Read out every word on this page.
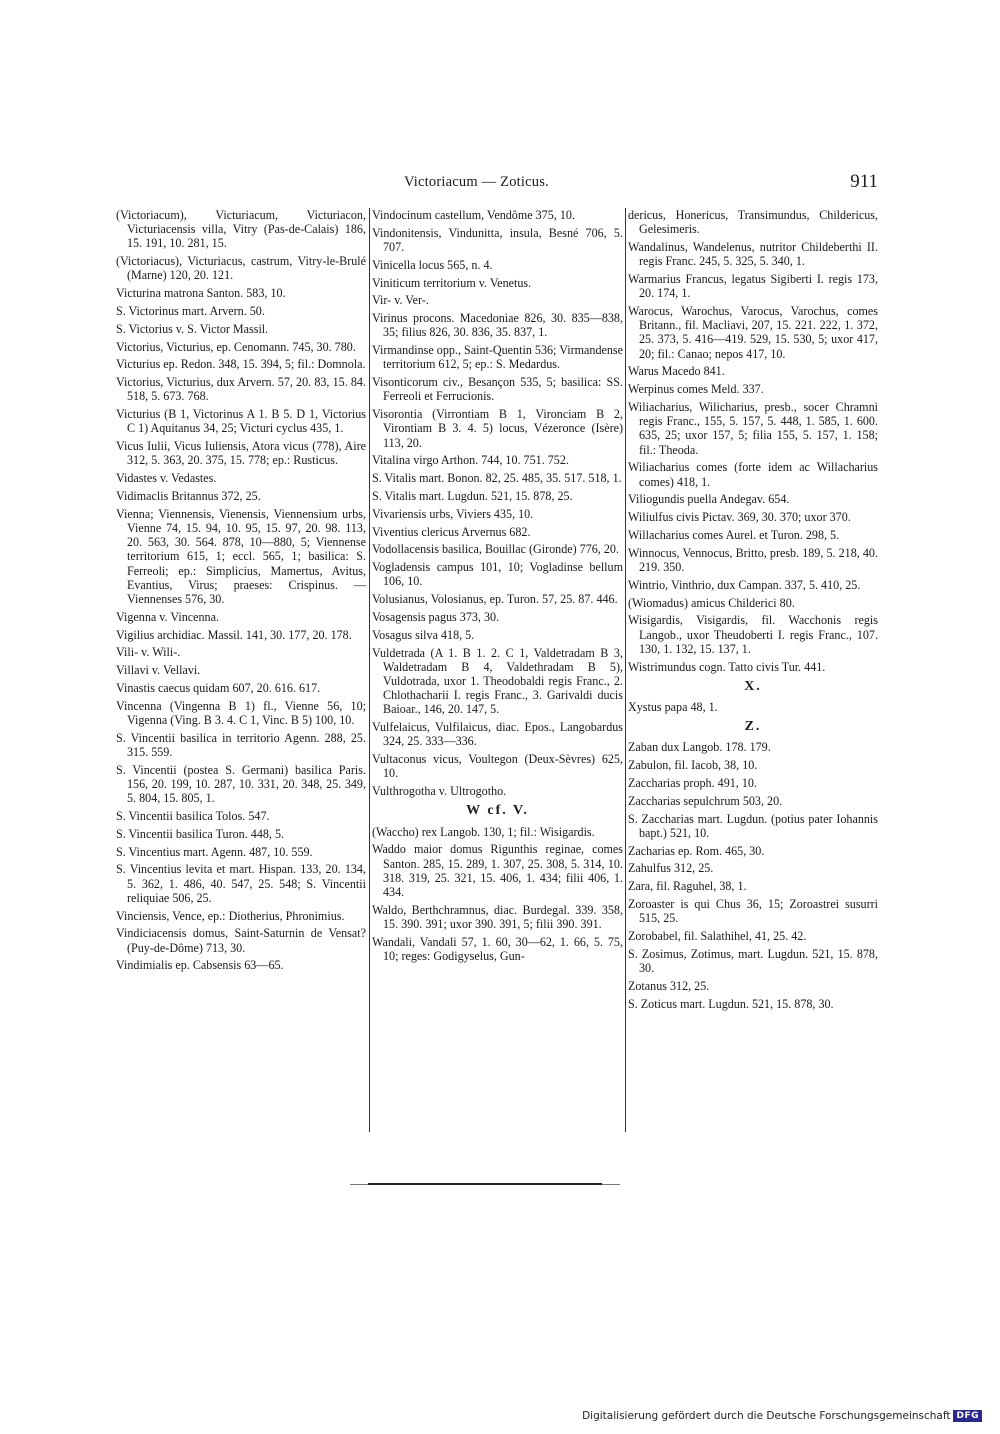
Victoriacum — Zoticus.	911

(Victoriacum), Victuriacum, Victuriacon, Victuriacensis villa, Vitry (Pas-de-Calais) 186, 15. 191, 10. 281, 15.

(Victoriacus), Victuriacus, castrum, Vitry-le-Brulé (Marne) 120, 20. 121.

Victurina matrona Santon. 583, 10.

S. Victorinus mart. Arvern. 50.

S. Victorius v. S. Victor Massil.

Victorius, Victurius, ep. Cenomann. 745, 30. 780.

Victurius ep. Redon. 348, 15. 394, 5; fil.: Domnola.

Victorius, Victurius, dux Arvern. 57, 20. 83, 15. 84. 518, 5. 673. 768.

Victurius (B 1, Victorinus A 1. B 5. D 1, Victorius C 1) Aquitanus 34, 25; Victuri cyclus 435, 1.

Vicus Iulii, Vicus Iuliensis, Atora vicus (778), Aire 312, 5. 363, 20. 375, 15. 778; ep.: Rusticus.

Vidastes v. Vedastes.

Vidimaclis Britannus 372, 25.

Vienna; Viennensis, Vienensis, Viennensium urbs, Vienne 74, 15. 94, 10. 95, 15. 97, 20. 98. 113, 20. 563, 30. 564. 878, 10—880, 5; Viennense territorium 615, 1; eccl. 565, 1; basilica: S. Ferreoli; ep.: Simplicius, Mamertus, Avitus, Evantius, Virus; praeses: Crispinus. — Viennenses 576, 30.

Vigenna v. Vincenna.

Vigilius archidiac. Massil. 141, 30. 177, 20. 178.

Vili- v. Wili-.

Villavi v. Vellavi.

Vinastis caecus quidam 607, 20. 616. 617.

Vincenna (Vingenna B 1) fl., Vienne 56, 10; Vigenna (Ving. B 3. 4. C 1, Vinc. B 5) 100, 10.

S. Vincentii basilica in territorio Agenn. 288, 25. 315. 559.

S. Vincentii (postea S. Germani) basilica Paris. 156, 20. 199, 10. 287, 10. 331, 20. 348, 25. 349, 5. 804, 15. 805, 1.

S. Vincentii basilica Tolos. 547.

S. Vincentii basilica Turon. 448, 5.

S. Vincentius mart. Agenn. 487, 10. 559.

S. Vincentius levita et mart. Hispan. 133, 20. 134, 5. 362, 1. 486, 40. 547, 25. 548; S. Vincentii reliquiae 506, 25.

Vinciensis, Vence, ep.: Diotherius, Phronimius.

Vindiciacensis domus, Saint-Saturnin de Vensat? (Puy-de-Dôme) 713, 30.

Vindimialis ep. Cabsensis 63—65.

Vindocinum castellum, Vendôme 375, 10.

Vindonitensis, Vindunitta, insula, Besné 706, 5. 707.

Vinicella locus 565, n. 4.

Viniticum territorium v. Venetus.

Vir- v. Ver-.

Virinus procons. Macedoniae 826, 30. 835—838, 35; filius 826, 30. 836, 35. 837, 1.

Virmandinse opp., Saint-Quentin 536; Virmandense territorium 612, 5; ep.: S. Medardus.

Visonticorum civ., Besançon 535, 5; basilica: SS. Ferreoli et Ferrucionis.

Visorontia (Virrontiam B 1, Vironciam B 2, Virontiam B 3. 4. 5) locus, Vézeronce (Isère) 113, 20.

Vitalina virgo Arthon. 744, 10. 751. 752.

S. Vitalis mart. Bonon. 82, 25. 485, 35. 517. 518, 1.

S. Vitalis mart. Lugdun. 521, 15. 878, 25.

Vivariensis urbs, Viviers 435, 10.

Viventius clericus Arvernus 682.

Vodollacensis basilica, Bouillac (Gironde) 776, 20.

Vogladensis campus 101, 10; Vogladinse bellum 106, 10.

Volusianus, Volosianus, ep. Turon. 57, 25. 87. 446.

Vosagensis pagus 373, 30.

Vosagus silva 418, 5.

Vuldetrada (A 1. B 1. 2. C 1, Valdetradam B 3, Waldetradam B 4, Valdethradam B 5), Vuldotrada, uxor 1. Theodobaldi regis Franc., 2. Chlothacharii I. regis Franc., 3. Garivaldi ducis Baioar., 146, 20. 147, 5.

Vulfelaicus, Vulfilaicus, diac. Epos., Langobardus 324, 25. 333—336.

Vultaconus vicus, Voultegon (Deux-Sèvres) 625, 10.

Vulthrogotha v. Ultrogotho.

W cf. V.

(Waccho) rex Langob. 130, 1; fil.: Wisigardis.

Waddo maior domus Rigunthis reginae, comes Santon. 285, 15. 289, 1. 307, 25. 308, 5. 314, 10. 318. 319, 25. 321, 15. 406, 1. 434; filii 406, 1. 434.

Waldo, Berthchramnus, diac. Burdegal. 339. 358, 15. 390. 391; uxor 390. 391, 5; filii 390. 391.

Wandali, Vandali 57, 1. 60, 30—62, 1. 66, 5. 75, 10; reges: Godigyselus, Gun-

dericus, Honericus, Transimundus, Childericus, Gelesimeris.

Wandalinus, Wandelenus, nutritor Childeberthi II. regis Franc. 245, 5. 325, 5. 340, 1.

Warmarius Francus, legatus Sigiberti I. regis 173, 20. 174, 1.

Warocus, Warochus, Varocus, Varochus, comes Britann., fil. Macliavi, 207, 15. 221. 222, 1. 372, 25. 373, 5. 416—419. 529, 15. 530, 5; uxor 417, 20; fil.: Canao; nepos 417, 10.

Warus Macedo 841.

Werpinus comes Meld. 337.

Wiliacharius, Wilicharius, presb., socer Chramni regis Franc., 155, 5. 157, 5. 448, 1. 585, 1. 600. 635, 25; uxor 157, 5; filia 155, 5. 157, 1. 158; fil.: Theoda.

Wiliacharius comes (forte idem ac Willacharius comes) 418, 1.

Viliogundis puella Andegav. 654.

Wiliulfus civis Pictav. 369, 30. 370; uxor 370.

Willacharius comes Aurel. et Turon. 298, 5.

Winnocus, Vennocus, Britto, presb. 189, 5. 218, 40. 219. 350.

Wintrio, Vinthrio, dux Campan. 337, 5. 410, 25.

(Wiomadus) amicus Childerici 80.

Wisigardis, Visigardis, fil. Wacchonis regis Langob., uxor Theudoberti I. regis Franc., 107. 130, 1. 132, 15. 137, 1.

Wistrimundus cogn. Tatto civis Tur. 441.

X.

Xystus papa 48, 1.

Z.

Zaban dux Langob. 178. 179.

Zabulon, fil. Iacob, 38, 10.

Zaccharias proph. 491, 10.

Zaccharias sepulchrum 503, 20.

S. Zaccharias mart. Lugdun. (potius pater Iohannis bapt.) 521, 10.

Zacharias ep. Rom. 465, 30.

Zahulfus 312, 25.

Zara, fil. Raguhel, 38, 1.

Zoroaster is qui Chus 36, 15; Zoroastrei susurri 515, 25.

Zorobabel, fil. Salathihel, 41, 25. 42.

S. Zosimus, Zotimus, mart. Lugdun. 521, 15. 878, 30.

Zotanus 312, 25.

S. Zoticus mart. Lugdun. 521, 15. 878, 30.

Digitalisierung gefördert durch die Deutsche Forschungsgemeinschaft DFG
